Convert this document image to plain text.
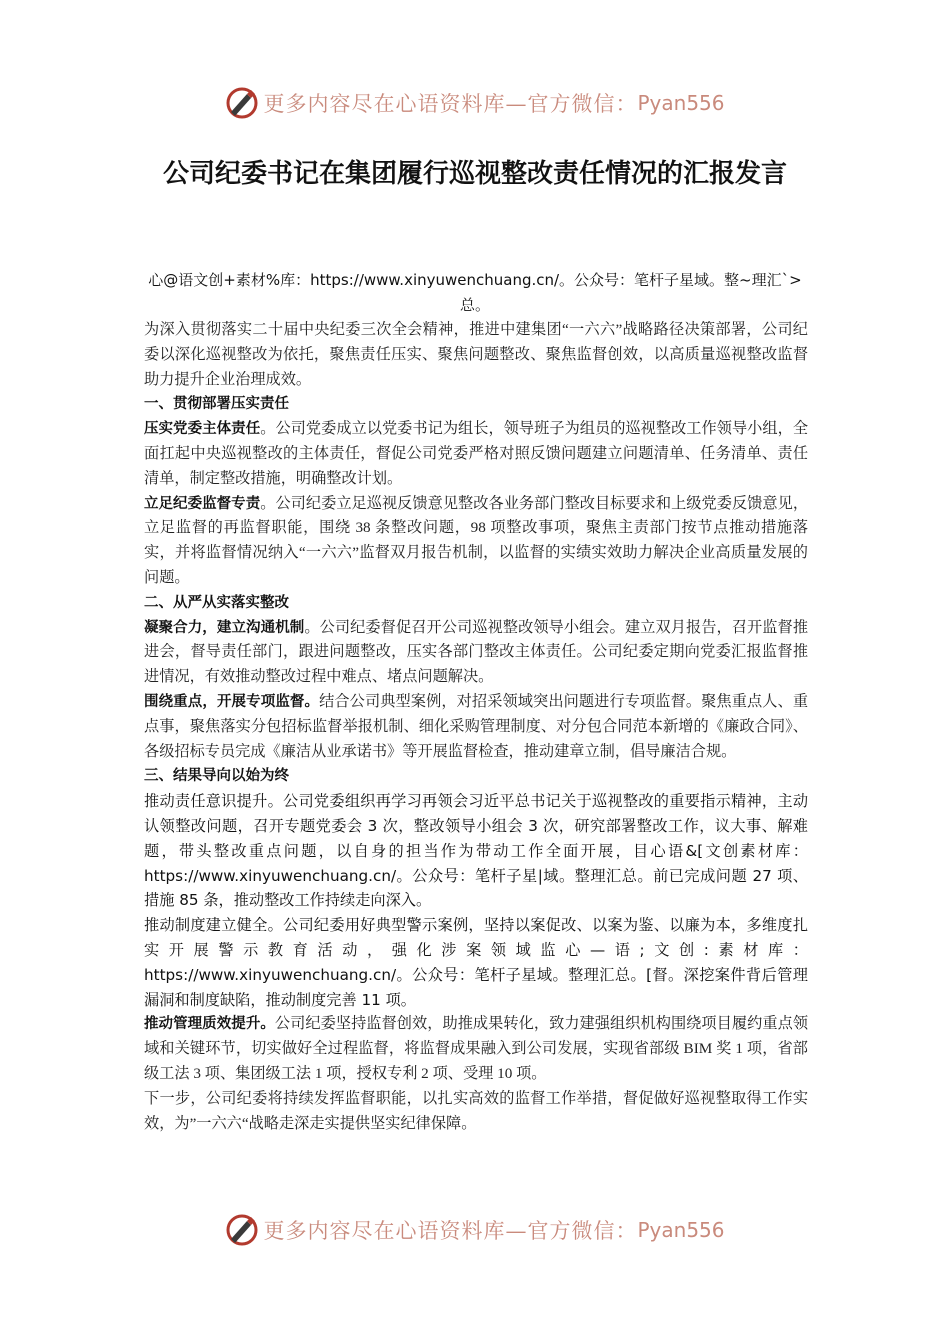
更多内容尽在心语资料库—官方微信： Pyan556
公司纪委书记在集团履行巡视整改责任情况的汇报发言
心@语文创+素材%库：https://www.xinyuwenchuang.cn/。公众号：笔杆子星域。整~理汇`>总。

为深入贯彻落实二十届中央纪委三次全会精神，推进中建集团“一六六”战略路径决策部署，公司纪委以深化巡视整改为依托，聚焦责任压实、聚焦问题整改、聚焦监督创效，以高质量巡视整改监督助力提升企业治理成效。

一、贯彻部署压实责任

压实党委主体责任。公司党委成立以党委书记为组长，领导班子为组员的巡视整改工作领导小组，全面扛起中央巡视整改的主体责任，督促公司党委严格对照反馈问题建立问题清单、任务清单、责任清单，制定整改措施，明确整改计划。

立足纪委监督专责。公司纪委立足巡视反馈意见整改各业务部门整改目标要求和上级党委反馈意见，立足监督的再监督职能，围绕 38 条整改问题，98 项整改事项，聚焦主责部门按节点推动措施落实，并将监督情况纳入“一六六”监督双月报告机制，以监督的实绩实效助力解决企业高质量发展的问题。

二、从严从实落实整改

凝聚合力，建立沟通机制。公司纪委督促召开公司巡视整改领导小组会。建立双月报告，召开监督推进会，督导责任部门，跟进问题整改，压实各部门整改主体责任。公司纪委定期向党委汇报监督推进情况，有效推动整改过程中难点、堵点问题解决。

围绕重点，开展专项监督。结合公司典型案例，对招采领域突出问题进行专项监督。聚焦重点人、重点事，聚焦落实分包招标监督举报机制、细化采购管理制度、对分包合同范本新增的《廉政合同》、各级招标专员完成《廉洁从业承诺书》等开展监督检查，推动建章立制，倡导廉洁合规。

三、结果导向以始为终

推动责任意识提升。公司党委组织再学习再领会习近平总书记关于巡视整改的重要指示精神，主动认领整改问题，召开专题党委会 3 次，整改领导小组会 3 次，研究部署整改工作，议大事、解难题，带头整改重点问题，以自身的担当作为带动工作全面开展，目心语&[文创素材库：https://www.xinyuwenchuang.cn/。公众号：笔杆子星|域。整理汇总。前已完成问题 27 项、措施 85 条，推动整改工作持续走向深入。

推动制度建立健全。公司纪委用好典型警示案例，坚持以案促改、以案为鉴、以廉为本，多维度扎实开展警示教育活动，强化涉案领域监心—语;文创:素材库：https://www.xinyuwenchuang.cn/。公众号：笔杆子星域。整理汇总。[督。深挖案件背后管理漏洞和制度缺陷，推动制度完善 11 项。

推动管理质效提升。公司纪委坚持监督创效，助推成果转化，致力建强组织机构围绕项目履约重点领域和关键环节，切实做好全过程监督，将监督成果融入到公司发展，实现省部级 BIM 奖 1 项，省部级工法 3 项、集团级工法 1 项，授权专利 2 项、受理 10 项。

下一步，公司纪委将持续发挥监督职能，以扎实高效的监督工作举措，督促做好巡视整取得工作实效，为”一六六“战略走深走实提供坚实纪律保障。

更多内容尽在心语资料库—官方微信： Pyan556
